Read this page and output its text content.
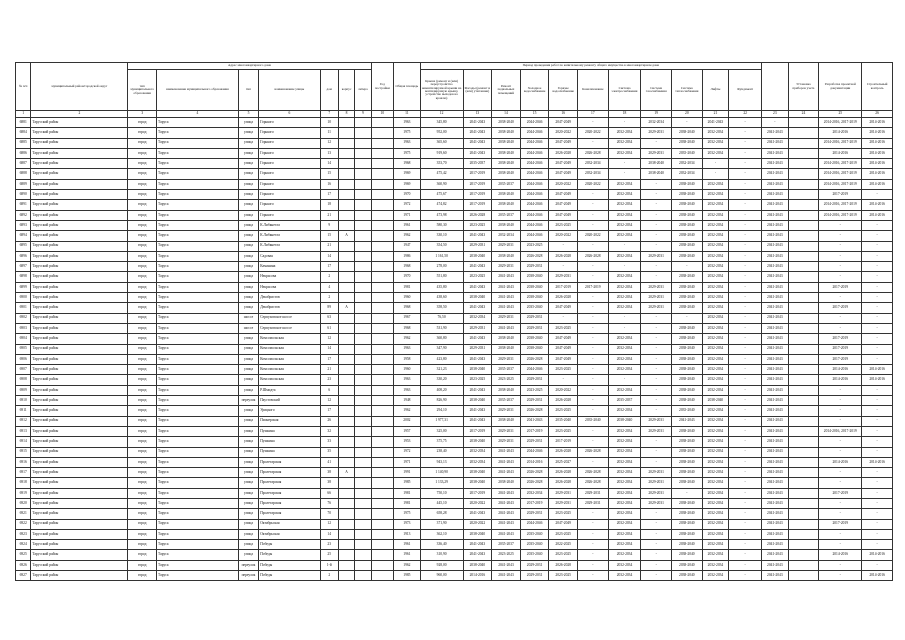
№ п/п	муниципальный район/городской округ	Адрес многоквартирного дома							Год постройки	Общая площадь	Период проведения работ по капитальному ремонту общего имущества в многоквартирном доме												Установка приборов учета	Разработка проектной документации	Строительный контроль
		тип муниципального образования	наименование муниципального образования	тип	наименование улицы	дом	корпус	литера			Крыша (ремонт и (или) переустройство невентилируемой крыши на вентилируемую крышу, устройство выходов на кровлю)	Фасады (ремонт и (или) утепление)	Ремонт подвальных помещений	Холодное водоснабжение	Горячее водоснабжение	Канализование	Система электроснабжения	Система газоснабжения	Система теплоснабжения	Лифты	Фундамент				
1	2	3	4	5	6	7	8	9	10	11	12	13	14	15	16	17	18	19	20	21	22	23	24	25	26
6881	Тарусский район	город	Таруса	улица	Горького	10				1963	345,80	2041-2043	2038-2040	2044-2046	2047-2049	-	-	2032-2034	-	2041-2043	-	-		2014-2016, 2017-2019	2014-2016
6884	Тарусский район	город	Таруса	улица	Горького	11				1975	952,00	2041-2043	2038-2040	2044-2046	2020-2022	2020-2022	2032-2034	2029-2031	2038-2040	2032-2034	-	2041-2043		2014-2016	2014-2016
6885	Тарусский район	город	Таруса	улица	Горького	12				1963	365,60	2041-2043	2038-2040	2044-2046	2047-2049	-	2032-2034	-	2038-2040	2032-2034	-	2041-2043		2014-2016, 2017-2019	2014-2016
6886	Тарусский район	город	Таруса	улица	Горького	13				1975	919,60	2041-2043	2038-2040	2044-2046	2026-2028	2026-2028	2032-2034	2029-2031	2035-2040	2032-2034	-	2041-2043		2014-2016	2014-2016
6887	Тарусский район	город	Таруса	улица	Горького	14				1968	353,70	2035-2037	2038-2040	2044-2046	2047-2049	2032-2034	-	2038-2040	2032-2034	-	-	2041-2043		2014-2016, 2017-2019	2014-2016
6888	Тарусский район	город	Таруса	улица	Горького	15				1969	475,42	2017-2019	2038-2040	2044-2046	2047-2049	2032-2034	-	2038-2040	2032-2034	-	-	2041-2043		2014-2016, 2017-2019	2014-2016
6889	Тарусский район	город	Таруса	улица	Горького	16				1969	360,90	2017-2019	2035-2037	2044-2046	2020-2022	2020-2022	2032-2034	-	2038-2040	2032-2034	-	2041-2043		2014-2016, 2017-2019	2014-2016
6890	Тарусский район	город	Таруса	улица	Горького	17				1970	475,67	2017-2019	2038-2040	2044-2046	2047-2049	-	2032-2034	-	2038-2040	2032-2034	-	2041-2043		2017-2019	-
6891	Тарусский район	город	Таруса	улица	Горького	18				1972	474,82	2017-2019	2038-2040	2044-2046	2047-2049	-	2032-2034	-	2038-2040	2032-2034	-	2041-2043		2014-2016, 2017-2019	2014-2016
6892	Тарусский район	город	Таруса	улица	Горького	21				1971	473,98	2026-2028	2035-2037	2044-2046	2047-2049	-	2032-2034	-	2038-2040	2032-2034	-	2041-2043		2014-2016, 2017-2019	2014-2016
6893	Тарусский район	город	Таруса	улица	К.Либкнехта	9				1961	580,30	2023-2025	2038-2040	2044-2046	2023-2025	-	2032-2034	-	2038-2040	2032-2034	-	2041-2043		-	-
6894	Тарусский район	город	Таруса	улица	К.Либкнехта	15	А			1962	330,10	2041-2043	2032-2034	2044-2046	2020-2022	2020-2022	2032-2034	-	2038-2040	2032-2034	-	2041-2043		-	-
6895	Тарусский район	город	Таруса	улица	К.Либкнехта	21				1947	354,50	2029-2031	2029-2031	2023-2025	-	-	-	-	2038-2040	2032-2034	-	2041-2043		-	-
6896	Тарусский район	город	Таруса	улица	Садовая	14				1986	1 161,50	2038-2040	2038-2040	2026-2028	2026-2028	2026-2028	2032-2034	2029-2031	2038-2040	2032-2034	-	2041-2043		-	-
6897	Тарусский район	город	Таруса	улица	Каманина	17				1968	278,00	2041-2043	2029-2031	2029-2031	-	-	-	-	-	2032-2034	-	2041-2043		-	-
6898	Тарусский район	город	Таруса	улица	Некрасова	2				1970	551,80	2023-2025	2041-2043	2038-2040	2029-2031	-	2032-2034	-	2038-2040	2032-2034	-	2041-2043		-	-
6899	Тарусский район	город	Таруса	улица	Некрасова	4				1981	435,80	2041-2043	2041-2043	2038-2040	2017-2019	2017-2019	2032-2034	2029-2031	2038-2040	2032-2034	-	2041-2043		2017-2019	-
6900	Тарусский район	город	Таруса	улица	Декабристов	2				1960	438,60	2038-2040	2041-2043	2038-2040	2026-2028	-	2032-2034	2029-2031	2038-2040	2032-2034	-	2041-2043		-	-
6901	Тарусский район	город	Таруса	улица	Декабристов	89	А			1968	358,50	2041-2043	2041-2043	2035-2040	2047-2049	-	2032-2034	2029-2031	2038-2040	2032-2034	-	2041-2043		2017-2019	-
6902	Тарусский район	город	Таруса	шоссе	Серпуховское шоссе	63				1967	76,50	2032-2034	2029-2031	2029-2031	-	-	-	-	-	2032-2034	-	2041-2043		-	-
6903	Тарусский район	город	Таруса	шоссе	Серпуховское шоссе	61				1968	531,90	2029-2031	2041-2043	2029-2031	2023-2025	-	-	-	2038-2040	2032-2034	-	2041-2043		-	-
6904	Тарусский район	город	Таруса	улица	Комсомольская	12				1962	360,80	2041-2043	2038-2040	2038-2040	2047-2049	-	2032-2034	-	2038-2040	2032-2034	-	2041-2043		2017-2019	-
6905	Тарусский район	город	Таруса	улица	Комсомольская	14				1963	347,90	2029-2031	2038-2040	2038-2040	2047-2049	-	2032-2034	-	2038-2040	2032-2034	-	2041-2043		2017-2019	-
6906	Тарусский район	город	Таруса	улица	Комсомольская	17				1958	423,80	2041-2043	2029-2031	2026-2028	2047-2049	-	2032-2034	-	2038-2040	2032-2034	-	2041-2043		2017-2019	-
6907	Тарусский район	город	Таруса	улица	Комсомольская	21				1960	321,23	2038-2040	2035-2037	2044-2046	2023-2025	-	2032-2034	-	2038-2040	2032-2034	-	2041-2043		2014-2016	2014-2016
6908	Тарусский район	город	Таруса	улица	Комсомольская	23				1963	330,20	2023-2025	2023-2025	2029-2031	-	-	-	-	2038-2040	2032-2034	-	2041-2043		2014-2016	2014-2016
6909	Тарусский район	город	Таруса	улица	Р.Шмидта	6				1963	408,20	2041-2043	2038-2040	2023-2025	2020-2022	-	2032-2034	-	2038-2040	2032-2034	-	2041-2043		-	-
6910	Тарусский район	город	Таруса	переулок	Паустовский	12				1948	826,90	2038-2040	2035-2037	2029-2031	2026-2028	-	2035-2037	-	2038-2040	2038-2040	-	2041-2043		-	-
6911	Тарусский район	город	Таруса	улица	Урицкого	17				1962	294,10	2041-2043	2029-2031	2026-2028	2023-2025	-	2032-2034	-	2035-2040	2032-2034	-	2041-2043		-	-
6912	Тарусский район	город	Таруса	улица	Пионерская	26				2002	1 977,31	2041-2043	2038-2040	2041-2043	2035-2040	2035-2040	2038-2040	2029-2031	2041-2043	2032-2034	-	2041-2043		-	-
6913	Тарусский район	город	Таруса	улица	Пушкина	32				1957	325,00	2017-2019	2029-2031	2017-2019	2023-2025	-	2032-2034	2029-2031	2038-2040	2032-2034	-	2041-2043		2014-2016, 2017-2019	-
6914	Тарусский район	город	Таруса	улица	Пушкина	33				1953	375,75	2038-2040	2029-2031	2029-2031	2017-2019	-	2032-2034	-	2038-2040	2032-2034	-	2041-2043		-	-
6915	Тарусский район	город	Таруса	улица	Пушкина	35				1972	238,40	2032-2034	2041-2043	2044-2046	2026-2028	2026-2028	2032-2034	-	2038-2040	2032-2034	-	2041-2043		-	-
6916	Тарусский район	город	Таруса	улица	Пролетарская	41				1971	943,13	2032-2034	2041-2043	2014-2016	2025-2027	-	2032-2034	-	2038-2040	2032-2034	-	2041-2043		2014-2016	2014-2016
6917	Тарусский район	город	Таруса	улица	Пролетарская	38	А			1991	1 140,90	2038-2040	2041-2043	2026-2028	2026-2028	2026-2028	2032-2034	2029-2031	2038-2040	2032-2034	-	2041-2043		-	-
6918	Тарусский район	город	Таруса	улица	Пролетарская	38				1985	1 133,29	2038-2040	2038-2040	2026-2028	2026-2028	2026-2028	2032-2034	2029-2031	2038-2040	2032-2034	-	2041-2043		-	-
6919	Тарусский район	город	Таруса	улица	Пролетарская	66				1981	750,10	2017-2019	2041-2043	2032-2034	2029-2031	2029-2031	2032-2034	2029-2031	-	2032-2034	-	2041-2043		2017-2019	-
6920	Тарусский район	город	Таруса	улица	Пролетарская	76				1981	445,10	2020-2022	2041-2043	2017-2019	2029-2031	2029-2031	2032-2034	2029-2031	2038-2040	2032-2034	-	2041-2043		-	-
6921	Тарусский район	город	Таруса	улица	Пролетарская	70				1975	658,28	2041-2043	2041-2043	2029-2031	2023-2025	-	2032-2034	-	2038-2040	2032-2034	-	2041-2043		-	-
6922	Тарусский район	город	Таруса	улица	Октябрьская	12				1973	371,90	2020-2022	2041-2043	2044-2046	2047-2049	-	2032-2034	-	2038-2040	2032-2034	-	2041-2043		2017-2019	-
6923	Тарусский район	город	Таруса	улица	Октябрьская	14				1913	362,10	2038-2040	2041-2043	2035-2040	2023-2025	-	2032-2034	-	2038-2040	2032-2034	-	2041-2043		-	-
6924	Тарусский район	город	Таруса	улица	Победы	23				1961	336,40	2041-2043	2035-2037	2035-2040	2022-2025	-	2032-2034	-	2038-2040	2032-2034	-	2041-2043		-	-
6925	Тарусский район	город	Таруса	улица	Победы	25				1961	310,90	2041-2043	2023-2025	2035-2040	2023-2025	-	2032-2034	-	2038-2040	2032-2034	-	2041-2043		2014-2016	2014-2016
6926	Тарусский район	город	Таруса	переулок	Победы	1-й				1962	928,00	2038-2040	2041-2043	2029-2031	2026-2028	-	2032-2034	-	2038-2040	2032-2034	-	2041-2043		-	-
6927	Тарусский район	город	Таруса	переулок	Победы	2				1985	960,00	2014-2016	2041-2043	2029-2031	2023-2025	-	2032-2034	-	2038-2040	2032-2034	-	2041-2043		-	2014-2016
